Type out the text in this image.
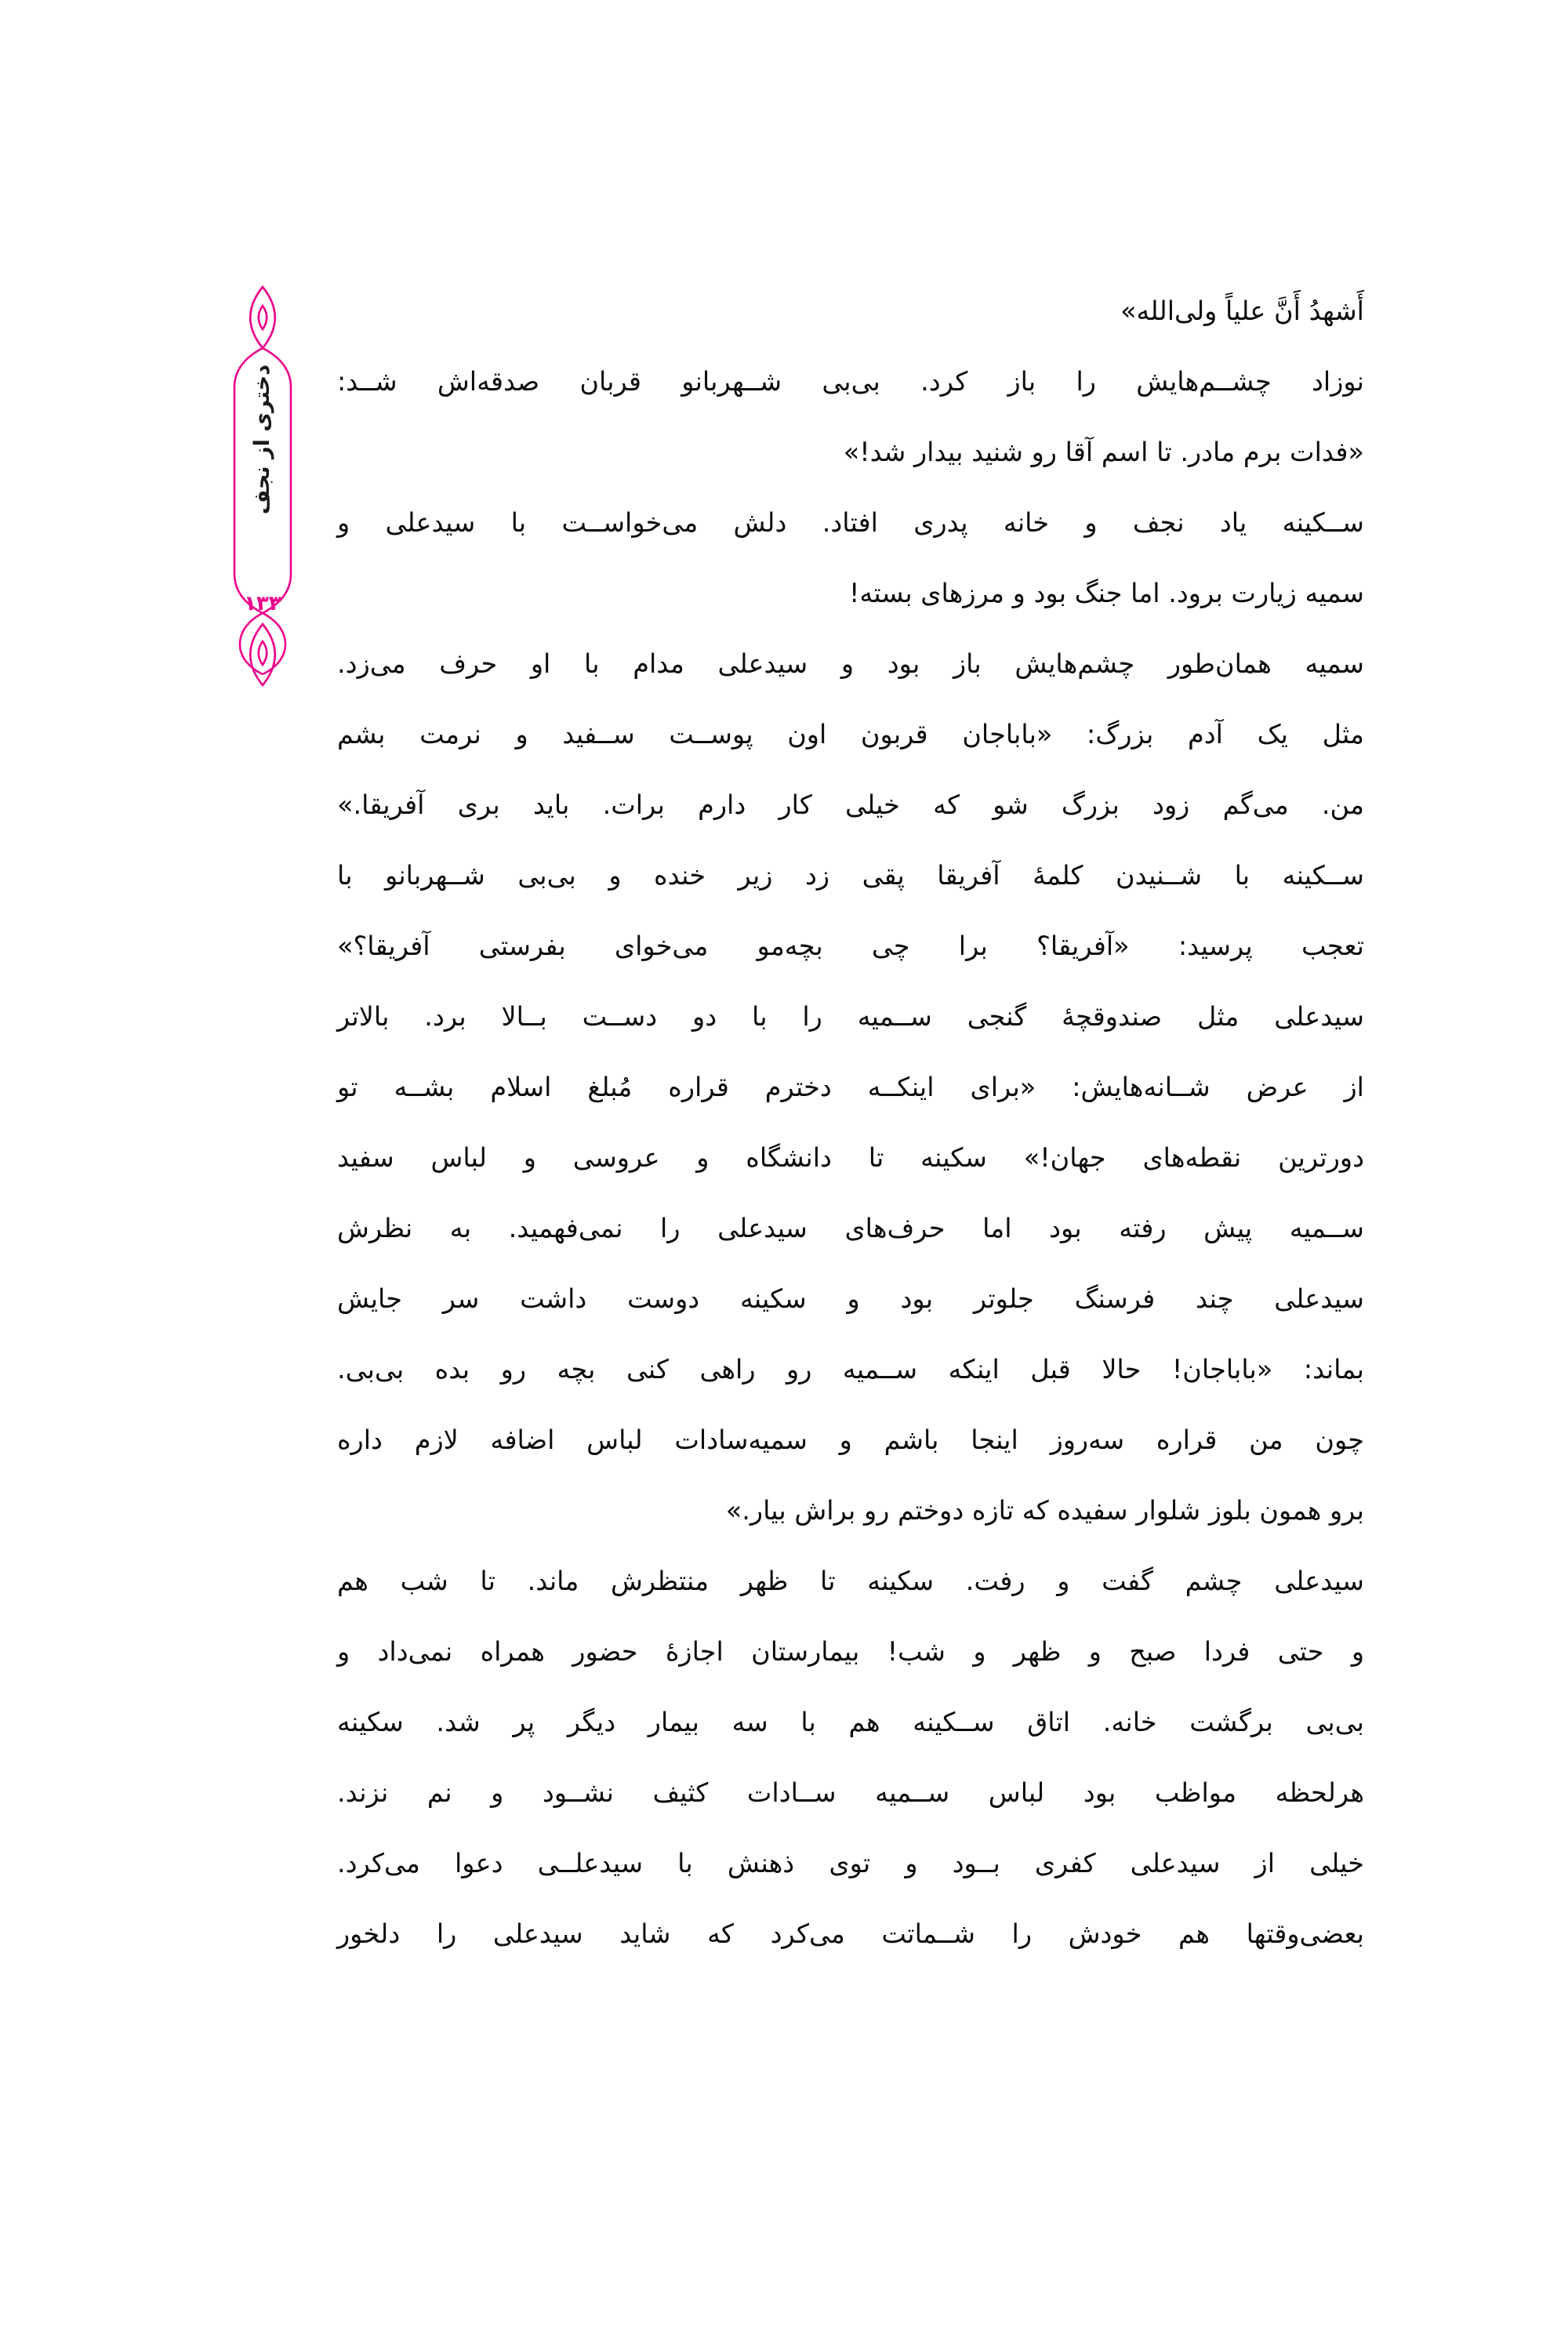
دختری از نجف
۱۳۳
أَشهدُ أَنَّ علیاً ولی‌الله»
نوزاد چشــم‌هایش را باز کرد. بی‌بی شــهربانو قربان صدقه‌اش شــد:
«فدات برم مادر. تا اسم آقا رو شنید بیدار شد!»
ســکینه یاد نجف و خانه پدری افتاد. دلش می‌خواســت با سیدعلی و
سمیه زیارت برود. اما جنگ بود و مرزهای بسته!
سمیه همان‌طور چشم‌هایش باز بود و سیدعلی مدام با او حرف می‌زد.
مثل یک آدم بزرگ: «باباجان قربون اون پوســت ســفید و نرمت بشم
من. می‌گم زود بزرگ شو که خیلی کار دارم برات. باید بری آفریقا.»
ســکینه با شــنیدن کلمهٔ آفریقا پقی زد زیر خنده و بی‌بی شــهربانو با
تعجب پرسید: «آفریقا؟ برا چی بچه‌مو می‌خوای بفرستی آفریقا؟»
سیدعلی مثل صندوقچهٔ گنجی ســمیه را با دو دســت بــالا برد. بالاتر
از عرض شــانه‌هایش: «برای اینکــه دخترم قراره مُبلغ اسلام بشــه تو
دورترین نقطه‌های جهان!» سکینه تا دانشگاه و عروسی و لباس سفید
ســمیه پیش رفته بود اما حرف‌های سیدعلی را نمی‌فهمید. به نظرش
سیدعلی چند فرسنگ جلوتر بود و سکینه دوست داشت سر جایش
بماند: «باباجان! حالا قبل اینکه ســمیه رو راهی کنی بچه رو بده بی‌بی.
چون من قراره سه‌روز اینجا باشم و سمیه‌سادات لباس اضافه لازم داره
برو همون بلوز شلوار سفیده که تازه دوختم رو براش بیار.»
سیدعلی چشم گفت و رفت. سکینه تا ظهر منتظرش ماند. تا شب هم
و حتی فردا صبح و ظهر و شب! بیمارستان اجازهٔ حضور همراه نمی‌داد و
بی‌بی برگشت خانه. اتاق ســکینه هم با سه بیمار دیگر پر شد. سکینه
هرلحظه مواظب بود لباس ســمیه ســادات کثیف نشــود و نم نزند.
خیلی از سیدعلی کفری بــود و توی ذهنش با سیدعلــی دعوا می‌کرد.
بعضی‌وقتها هم خودش را شــماتت می‌کرد که شاید سیدعلی را دلخور
